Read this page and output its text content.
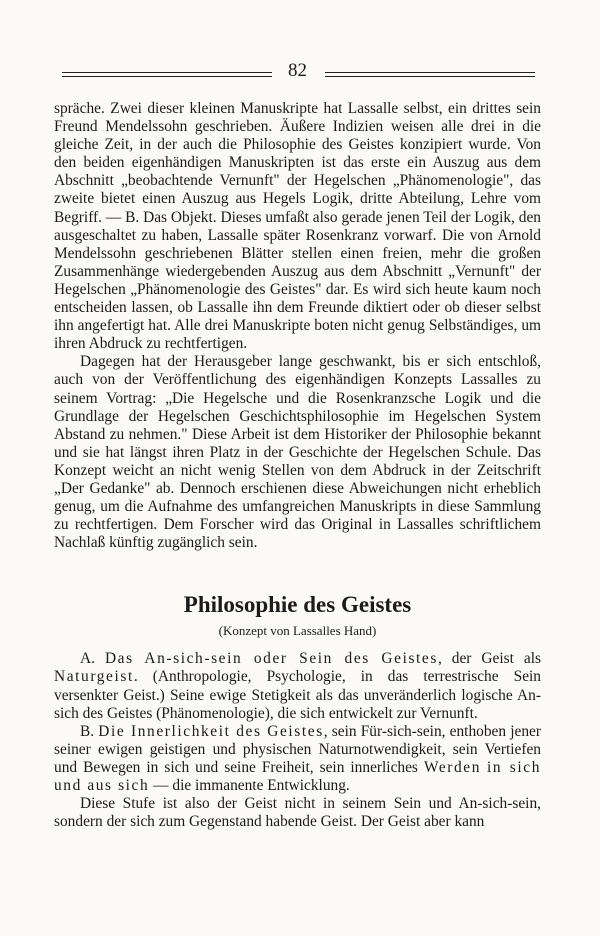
82

spräche. Zwei dieser kleinen Manuskripte hat Lassalle selbst, ein drittes sein Freund Mendelssohn geschrieben. Äußere Indizien weisen alle drei in die gleiche Zeit, in der auch die Philosophie des Geistes konzipiert wurde. Von den beiden eigenhändigen Manuskripten ist das erste ein Auszug aus dem Abschnitt „beobachtende Vernunft" der Hegelschen „Phänomenologie", das zweite bietet einen Auszug aus Hegels Logik, dritte Abteilung, Lehre vom Begriff. — B. Das Objekt. Dieses umfaßt also gerade jenen Teil der Logik, den ausgeschaltet zu haben, Lassalle später Rosenkranz vorwarf. Die von Arnold Mendelssohn geschriebenen Blätter stellen einen freien, mehr die großen Zusammenhänge wiedergebenden Auszug aus dem Abschnitt „Vernunft" der Hegelschen „Phänomenologie des Geistes" dar. Es wird sich heute kaum noch entscheiden lassen, ob Lassalle ihn dem Freunde diktiert oder ob dieser selbst ihn angefertigt hat. Alle drei Manuskripte boten nicht genug Selbständiges, um ihren Abdruck zu rechtfertigen.

Dagegen hat der Herausgeber lange geschwankt, bis er sich entschloß, auch von der Veröffentlichung des eigenhändigen Konzepts Lassalles zu seinem Vortrag: „Die Hegelsche und die Rosenkranzsche Logik und die Grundlage der Hegelschen Geschichtsphilosophie im Hegelschen System Abstand zu nehmen." Diese Arbeit ist dem Historiker der Philosophie bekannt und sie hat längst ihren Platz in der Geschichte der Hegelschen Schule. Das Konzept weicht an nicht wenig Stellen von dem Abdruck in der Zeitschrift „Der Gedanke" ab. Dennoch erschienen diese Abweichungen nicht erheblich genug, um die Aufnahme des umfangreichen Manuskripts in diese Sammlung zu rechtfertigen. Dem Forscher wird das Original in Lassalles schriftlichem Nachlaß künftig zugänglich sein.

Philosophie des Geistes
(Konzept von Lassalles Hand)

A. Das An-sich-sein oder Sein des Geistes, der Geist als Naturgeist. (Anthropologie, Psychologie, in das terrestrische Sein versenkter Geist.) Seine ewige Stetigkeit als das unveränderlich logische An-sich des Geistes (Phänomenologie), die sich entwickelt zur Vernunft.

B. Die Innerlichkeit des Geistes, sein Für-sich-sein, enthoben jener seiner ewigen geistigen und physischen Naturnotwendigkeit, sein Vertiefen und Bewegen in sich und seine Freiheit, sein innerliches Werden in sich und aus sich — die immanente Entwicklung.

Diese Stufe ist also der Geist nicht in seinem Sein und An-sich-sein, sondern der sich zum Gegenstand habende Geist. Der Geist aber kann
